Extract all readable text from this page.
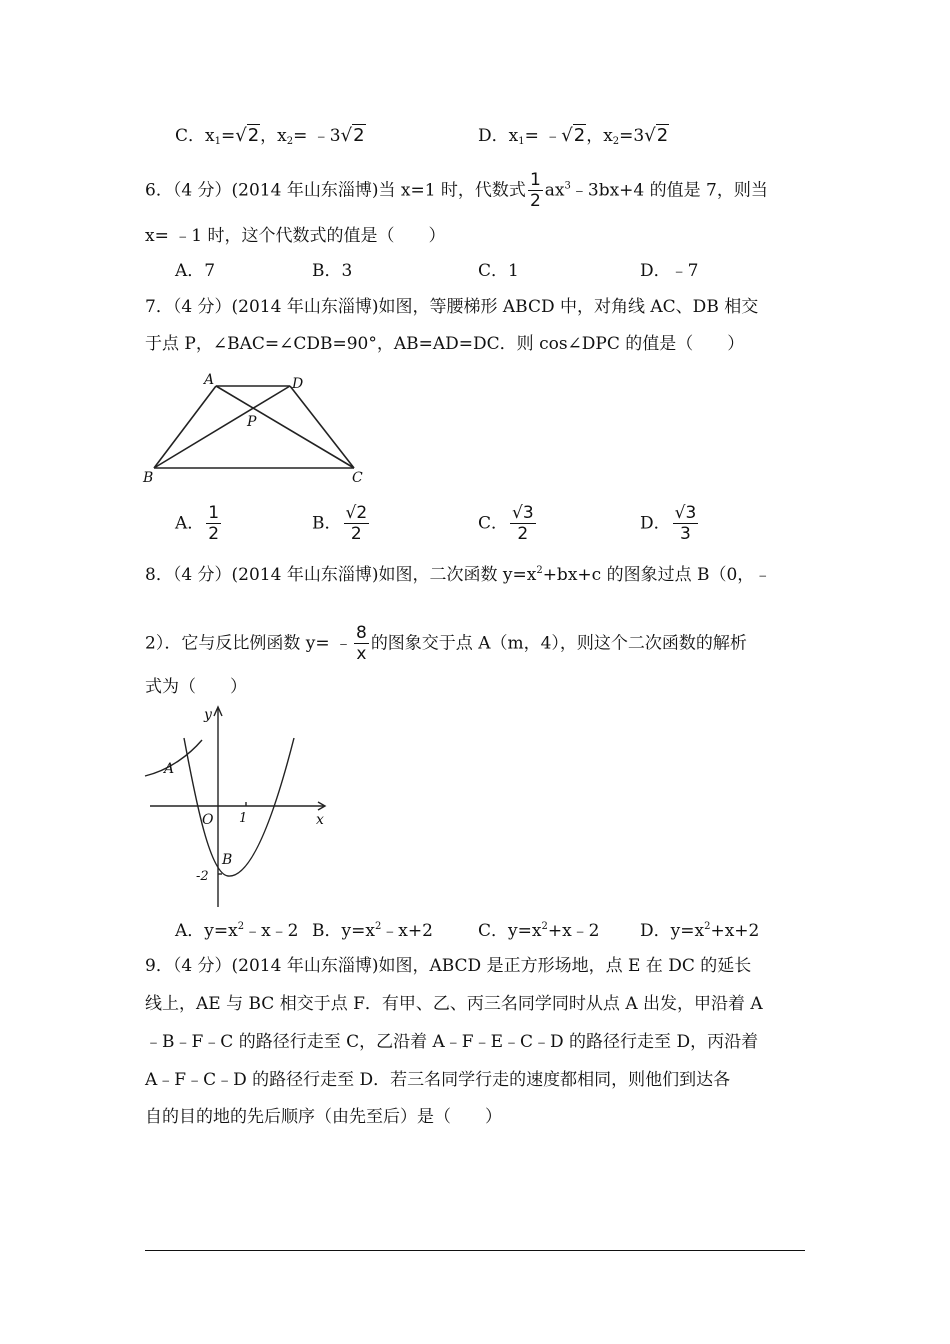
C．$x_1=√2$，$x_2=$ ﹣3√2	D．$x_1=$ ﹣√2，$x_2=3√2$
6．（4 分）(2014 年山东淄博)当 x=1 时，代数式 $\frac{1}{2}$ $ax^3﹣3bx+4$ 的值是 7，则当
x= ﹣1 时，这个代数式的值是（　　）
A．7	B．3	C．1	D．﹣7
7．（4 分）(2014 年山东淄博)如图，等腰梯形 ABCD 中，对角线 AC、DB 相交
于点 P，∠BAC=∠CDB=90°，AB=AD=DC．则 cos∠DPC 的值是（　　）
A	D
P
B	C
A． $\frac{1}{2}$	B． $\frac{√2}{2}$	C． $\frac{√3}{2}$	D． $\frac{√3}{3}$
8．（4 分）(2014 年山东淄博)如图，二次函数 $y=x^2+bx+c$ 的图象过点 B（0，﹣
2）．它与反比例函数 y= ﹣ $\frac{8}{x}$ 的图象交于点 A（m，4），则这个二次函数的解析
式为（　　）
y
A
O 1	x
B
-2
A．$y=x^2﹣x﹣2$ B．$y=x^2﹣x+2$	C．$y=x^2+x﹣2$ D．$y=x^2+x+2$
9．（4 分）(2014 年山东淄博)如图，ABCD 是正方形场地，点 E 在 DC 的延长
线上，AE 与 BC 相交于点 F．有甲、乙、丙三名同学同时从点 A 出发，甲沿着 A
﹣B﹣F﹣C 的路径行走至 C，乙沿着 A﹣F﹣E﹣C﹣D 的路径行走至 D，丙沿着
A﹣F﹣C﹣D 的路径行走至 D．若三名同学行走的速度都相同，则他们到达各
自的目的地的先后顺序（由先至后）是（　　）
